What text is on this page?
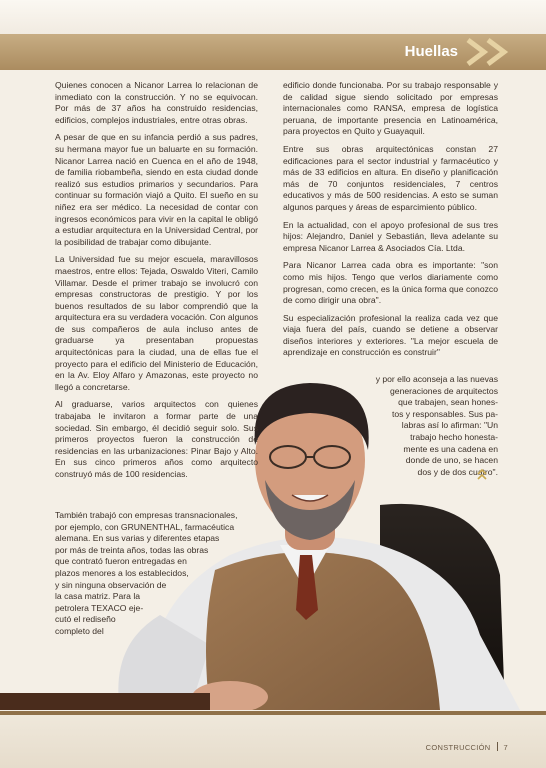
Huellas

Quienes conocen a Nicanor Larrea lo relacionan de inmediato con la construcción. Y no se equivocan. Por más de 37 años ha construido residencias, edificios, complejos industriales, entre otras obras.

A pesar de que en su infancia perdió a sus padres, su hermana mayor fue un baluarte en su formación. Nicanor Larrea nació en Cuenca en el año de 1948, de familia riobambeña, siendo en esta ciudad donde realizó sus estudios primarios y secundarios. Para continuar su formación viajó a Quito. El sueño en su niñez era ser médico. La necesidad de contar con ingresos económicos para vivir en la capital le obligó a estudiar arquitectura en la Universidad Central, por la posibilidad de trabajar como dibujante.

La Universidad fue su mejor escuela, maravillosos maestros, entre ellos: Tejada, Oswaldo Viteri, Camilo Villamar. Desde el primer trabajo se involucró con empresas constructoras de prestigio. Y por los buenos resultados de su labor comprendió que la arquitectura era su verdadera vocación. Con algunos de sus compañeros de aula incluso antes de graduarse ya presentaban propuestas arquitectónicas para la ciudad, una de ellas fue el proyecto para el edificio del Ministerio de Educación, en la Av. Eloy Alfaro y Amazonas, este proyecto no llegó a concretarse.

Al graduarse, varios arquitectos con quienes trabajaba le invitaron a formar parte de una sociedad. Sin embargo, él decidió seguir solo. Sus primeros proyectos fueron la construcción de residencias en las urbanizaciones: Pinar Bajo y Alto. En sus cinco primeros años como arquitecto construyó más de 100 residencias.

También trabajó con empresas transnacionales,
por ejemplo, con GRUNENTHAL, farmacéutica
alemana. En sus varias y diferentes etapas
por más de treinta años, todas las obras
que contrató fueron entregadas en
plazos menores a los establecidos,
y sin ninguna observación de
la casa matriz. Para la
petrolera TEXACO eje-
cutó el rediseño
completo del

edificio donde funcionaba. Por su trabajo responsable y de calidad sigue siendo solicitado por empresas internacionales como RANSA, empresa de logística peruana, de importante presencia en Latinoamérica, para proyectos en Quito y Guayaquil.

Entre sus obras arquitectónicas constan 27 edificaciones para el sector industrial y farmacéutico y más de 33 edificios en altura. En diseño y planificación más de 70 conjuntos residenciales, 7 centros educativos y más de 500 residencias. A esto se suman algunos parques y áreas de esparcimiento público.

En la actualidad, con el apoyo profesional de sus tres hijos: Alejandro, Daniel y Sebastián, lleva adelante su empresa Nicanor Larrea & Asociados Cía. Ltda.

Para Nicanor Larrea cada obra es importante: "son como mis hijos. Tengo que verlos diariamente como progresan, como crecen, es la única forma que conozco de como dirigir una obra".

Su especialización profesional la realiza cada vez que viaja fuera del país, cuando se detiene a observar diseños interiores y exteriores. "La mejor escuela de aprendizaje en construcción es construir"

y por ello aconseja a las nuevas
generaciones de arquitectos
que trabajen, sean hones-
tos y responsables. Sus pa-
labras así lo afirman: "Un
trabajo hecho honesta-
mente es una cadena en
donde de uno, se hacen
dos y de dos cuatro".
CONSTRUCCIÓN 7
